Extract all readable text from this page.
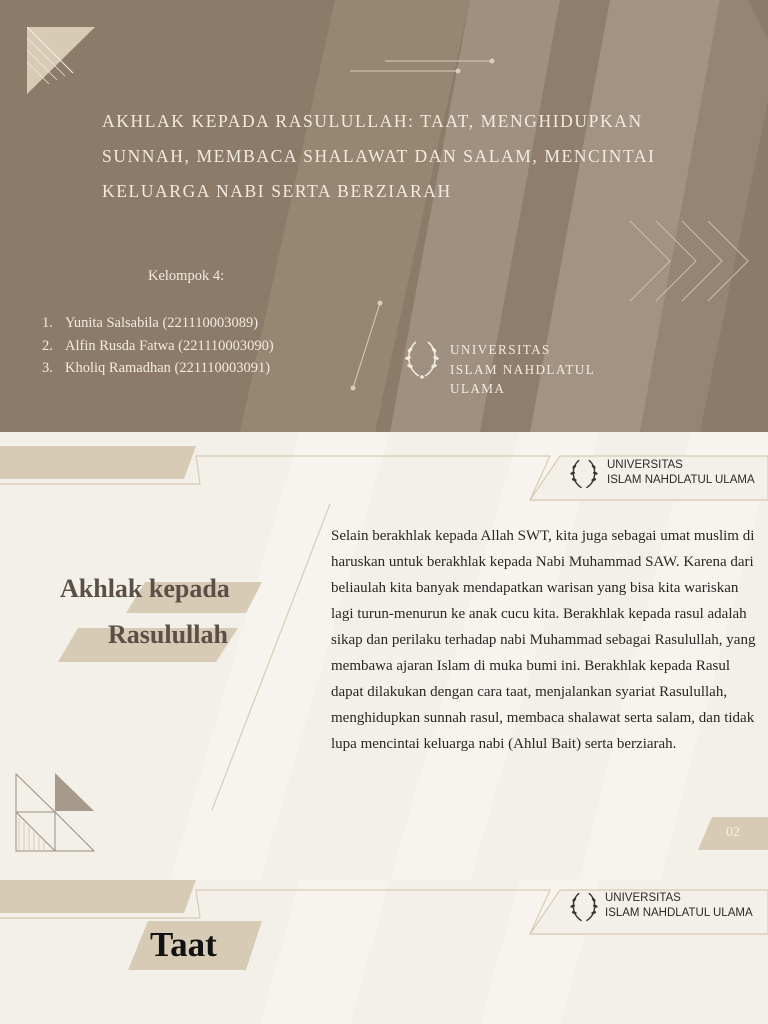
AKHLAK KEPADA RASULULLAH: TAAT, MENGHIDUPKAN SUNNAH, MEMBACA SHALAWAT DAN SALAM, MENCINTAI KELUARGA NABI SERTA BERZIARAH
Kelompok 4:
1. Yunita Salsabila (221110003089)
2. Alfin Rusda Fatwa (221110003090)
3. Kholiq Ramadhan (221110003091)
UNIVERSITAS
ISLAM NAHDLATUL
ULAMA
UNIVERSITAS
ISLAM NAHDLATUL ULAMA
Akhlak kepada
Rasulullah
Selain berakhlak kepada Allah SWT, kita juga sebagai umat muslim di haruskan untuk berakhlak kepada Nabi Muhammad SAW. Karena dari beliaulah kita banyak mendapatkan warisan yang bisa kita wariskan lagi turun-menurun ke anak cucu kita. Berakhlak kepada rasul adalah sikap dan perilaku terhadap nabi Muhammad sebagai Rasulullah, yang membawa ajaran Islam di muka bumi ini. Berakhlak kepada Rasul dapat dilakukan dengan cara taat, menjalankan syariat Rasulullah, menghidupkan sunnah rasul, membaca shalawat serta salam, dan tidak lupa mencintai keluarga nabi (Ahlul Bait) serta berziarah.
02
UNIVERSITAS
ISLAM NAHDLATUL ULAMA
Taat
